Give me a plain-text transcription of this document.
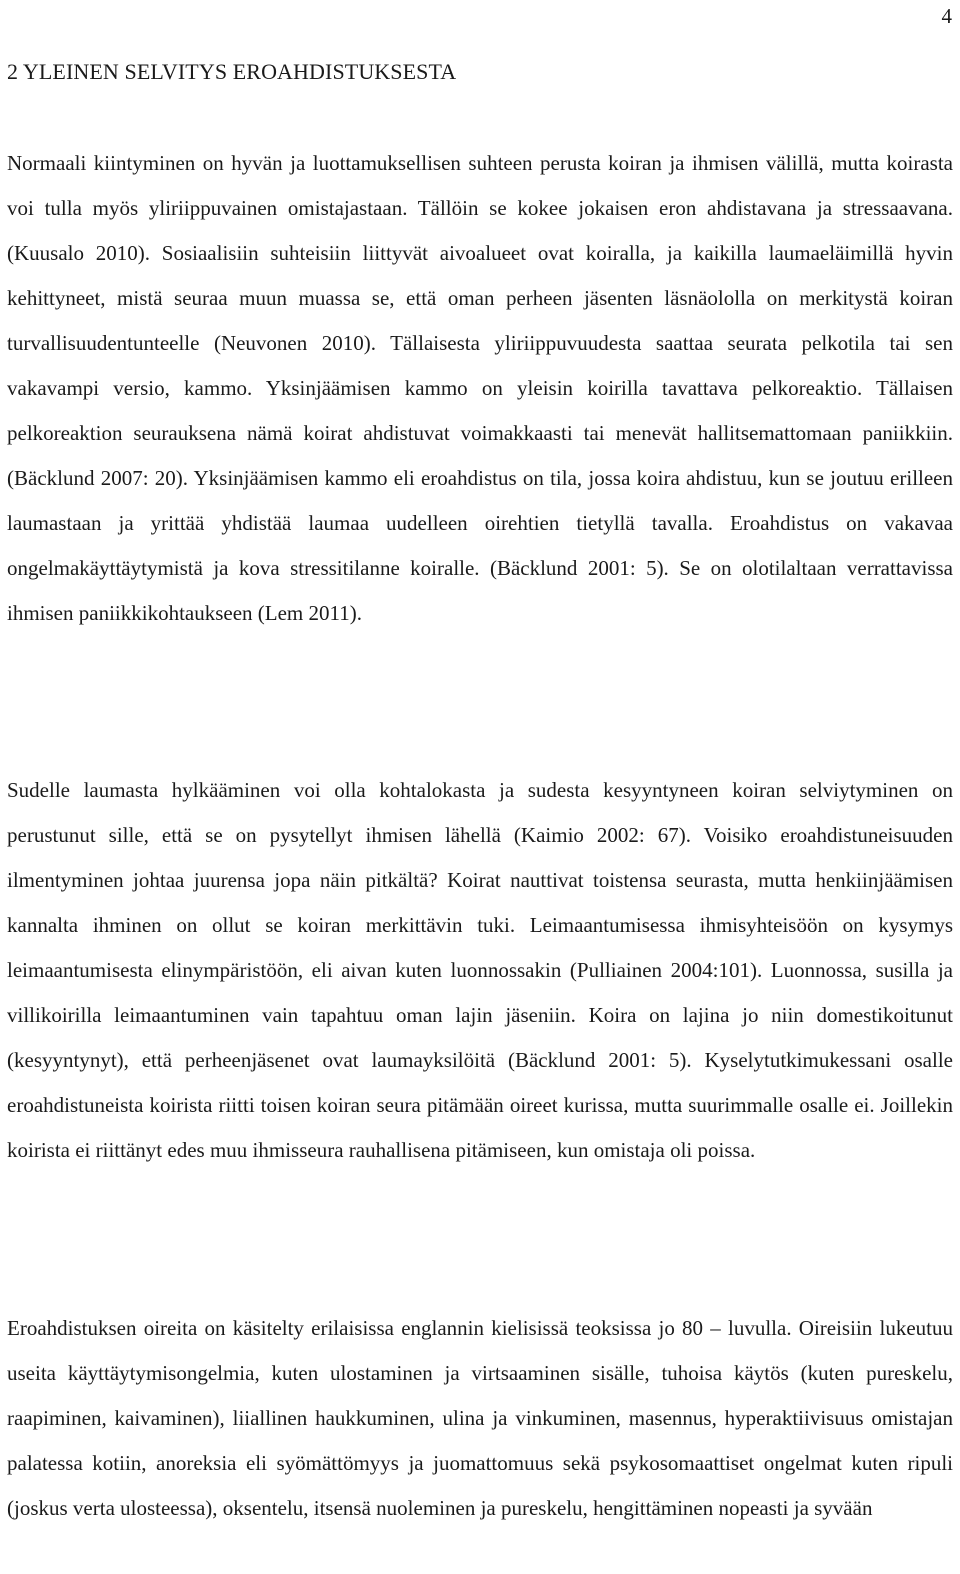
4
2 YLEINEN SELVITYS EROAHDISTUKSESTA

Normaali kiintyminen on hyvän ja luottamuksellisen suhteen perusta koiran ja ihmisen välillä, mutta koirasta voi tulla myös yliriippuvainen omistajastaan. Tällöin se kokee jokaisen eron ahdistavana ja stressaavana. (Kuusalo 2010). Sosiaalisiin suhteisiin liittyvät aivoalueet ovat koiralla, ja kaikilla laumaeläimillä hyvin kehittyneet, mistä seuraa muun muassa se, että oman perheen jäsenten läsnäololla on merkitystä koiran turvallisuudentunteelle (Neuvonen 2010). Tällaisesta yliriippuvuudesta saattaa seurata pelkotila tai sen vakavampi versio, kammo. Yksinjäämisen kammo on yleisin koirilla tavattava pelkoreaktio. Tällaisen pelkoreaktion seurauksena nämä koirat ahdistuvat voimakkaasti tai menevät hallitsemattomaan paniikkiin. (Bäcklund 2007: 20). Yksinjäämisen kammo eli eroahdistus on tila, jossa koira ahdistuu, kun se joutuu erilleen laumastaan ja yrittää yhdistää laumaa uudelleen oirehtien tietyllä tavalla. Eroahdistus on vakavaa ongelmakäyttäytymistä ja kova stressitilanne koiralle. (Bäcklund 2001: 5). Se on olotilaltaan verrattavissa ihmisen paniikkikohtaukseen (Lem 2011).

Sudelle laumasta hylkääminen voi olla kohtalokasta ja sudesta kesyyntyneen koiran selviytyminen on perustunut sille, että se on pysytellyt ihmisen lähellä (Kaimio 2002: 67). Voisiko eroahdistuneisuuden ilmentyminen johtaa juurensa jopa näin pitkältä? Koirat nauttivat toistensa seurasta, mutta henkiinjäämisen kannalta ihminen on ollut se koiran merkittävin tuki. Leimaantumisessa ihmisyhteisöön on kysymys leimaantumisesta elinympäristöön, eli aivan kuten luonnossakin (Pulliainen 2004:101). Luonnossa, susilla ja villikoirilla leimaantuminen vain tapahtuu oman lajin jäseniin. Koira on lajina jo niin domestikoitunut (kesyyntynyt), että perheenjäsenet ovat laumayksilöitä (Bäcklund 2001: 5). Kyselytutkimukessani osalle eroahdistuneista koirista riitti toisen koiran seura pitämään oireet kurissa, mutta suurimmalle osalle ei. Joillekin koirista ei riittänyt edes muu ihmisseura rauhallisena pitämiseen, kun omistaja oli poissa.

Eroahdistuksen oireita on käsitelty erilaisissa englannin kielisissä teoksissa jo 80 – luvulla. Oireisiin lukeutuu useita käyttäytymisongelmia, kuten ulostaminen ja virtsaaminen sisälle, tuhoisa käytös (kuten pureskelu, raapiminen, kaivaminen), liiallinen haukkuminen, ulina ja vinkuminen, masennus, hyperaktiivisuus omistajan palatessa kotiin, anoreksia eli syömättömyys ja juomattomuus sekä psykosomaattiset ongelmat kuten ripuli (joskus verta ulosteessa), oksentelu, itsensä nuoleminen ja pureskelu, hengittäminen nopeasti ja syvään
